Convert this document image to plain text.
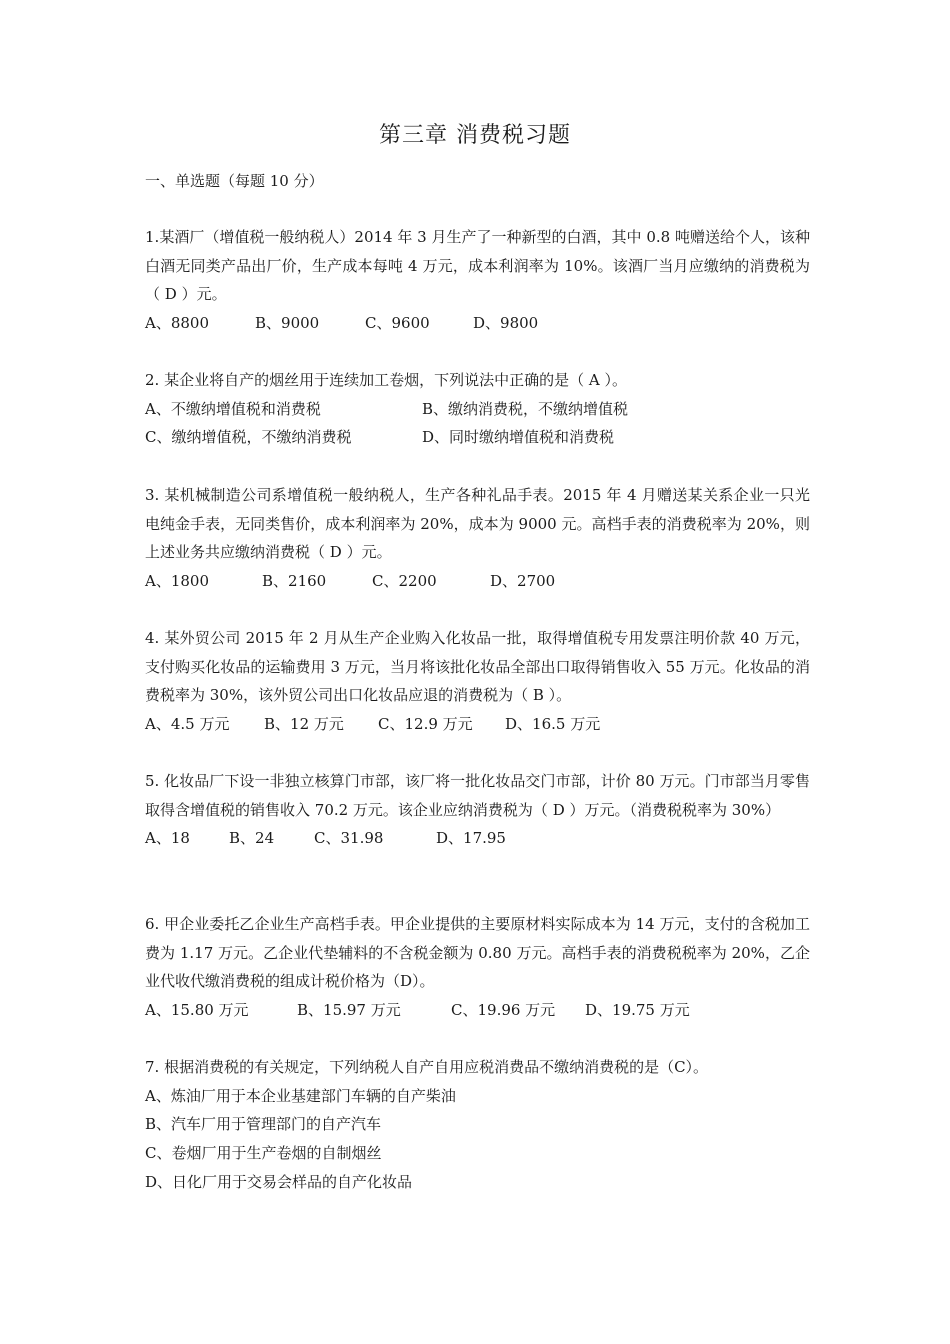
第三章 消费税习题
一、单选题（每题 10 分）
1.某酒厂（增值税一般纳税人）2014 年 3 月生产了一种新型的白酒，其中 0.8 吨赠送给个人，该种白酒无同类产品出厂价，生产成本每吨 4 万元，成本利润率为 10%。该酒厂当月应缴纳的消费税为（ D ）元。
A、8800	B、9000	C、9600	D、9800
2. 某企业将自产的烟丝用于连续加工卷烟，下列说法中正确的是（ A ）。
A、不缴纳增值税和消费税	B、缴纳消费税，不缴纳增值税
C、缴纳增值税，不缴纳消费税	D、同时缴纳增值税和消费税
3. 某机械制造公司系增值税一般纳税人，生产各种礼品手表。2015 年 4 月赠送某关系企业一只光电纯金手表，无同类售价，成本利润率为 20%，成本为 9000 元。高档手表的消费税率为 20%，则上述业务共应缴纳消费税（ D ）元。
A、1800	B、2160	C、2200	D、2700
4. 某外贸公司 2015 年 2 月从生产企业购入化妆品一批，取得增值税专用发票注明价款 40 万元，支付购买化妆品的运输费用 3 万元，当月将该批化妆品全部出口取得销售收入 55 万元。化妆品的消费税率为 30%，该外贸公司出口化妆品应退的消费税为（ B ）。
A、4.5 万元 B、12 万元 C、12.9 万元 D、16.5 万元
5. 化妆品厂下设一非独立核算门市部，该厂将一批化妆品交门市部，计价 80 万元。门市部当月零售取得含增值税的销售收入 70.2 万元。该企业应纳消费税为（ D ）万元。（消费税税率为 30%）
A、18	B、24	C、31.98	D、17.95
6. 甲企业委托乙企业生产高档手表。甲企业提供的主要原材料实际成本为 14 万元，支付的含税加工费为 1.17 万元。乙企业代垫辅料的不含税金额为 0.80 万元。高档手表的消费税税率为 20%，乙企业代收代缴消费税的组成计税价格为（D）。
A、15.80 万元	B、15.97 万元	C、19.96 万元 D、19.75 万元
7. 根据消费税的有关规定，下列纳税人自产自用应税消费品不缴纳消费税的是（C）。
A、炼油厂用于本企业基建部门车辆的自产柴油
B、汽车厂用于管理部门的自产汽车
C、卷烟厂用于生产卷烟的自制烟丝
D、日化厂用于交易会样品的自产化妆品
